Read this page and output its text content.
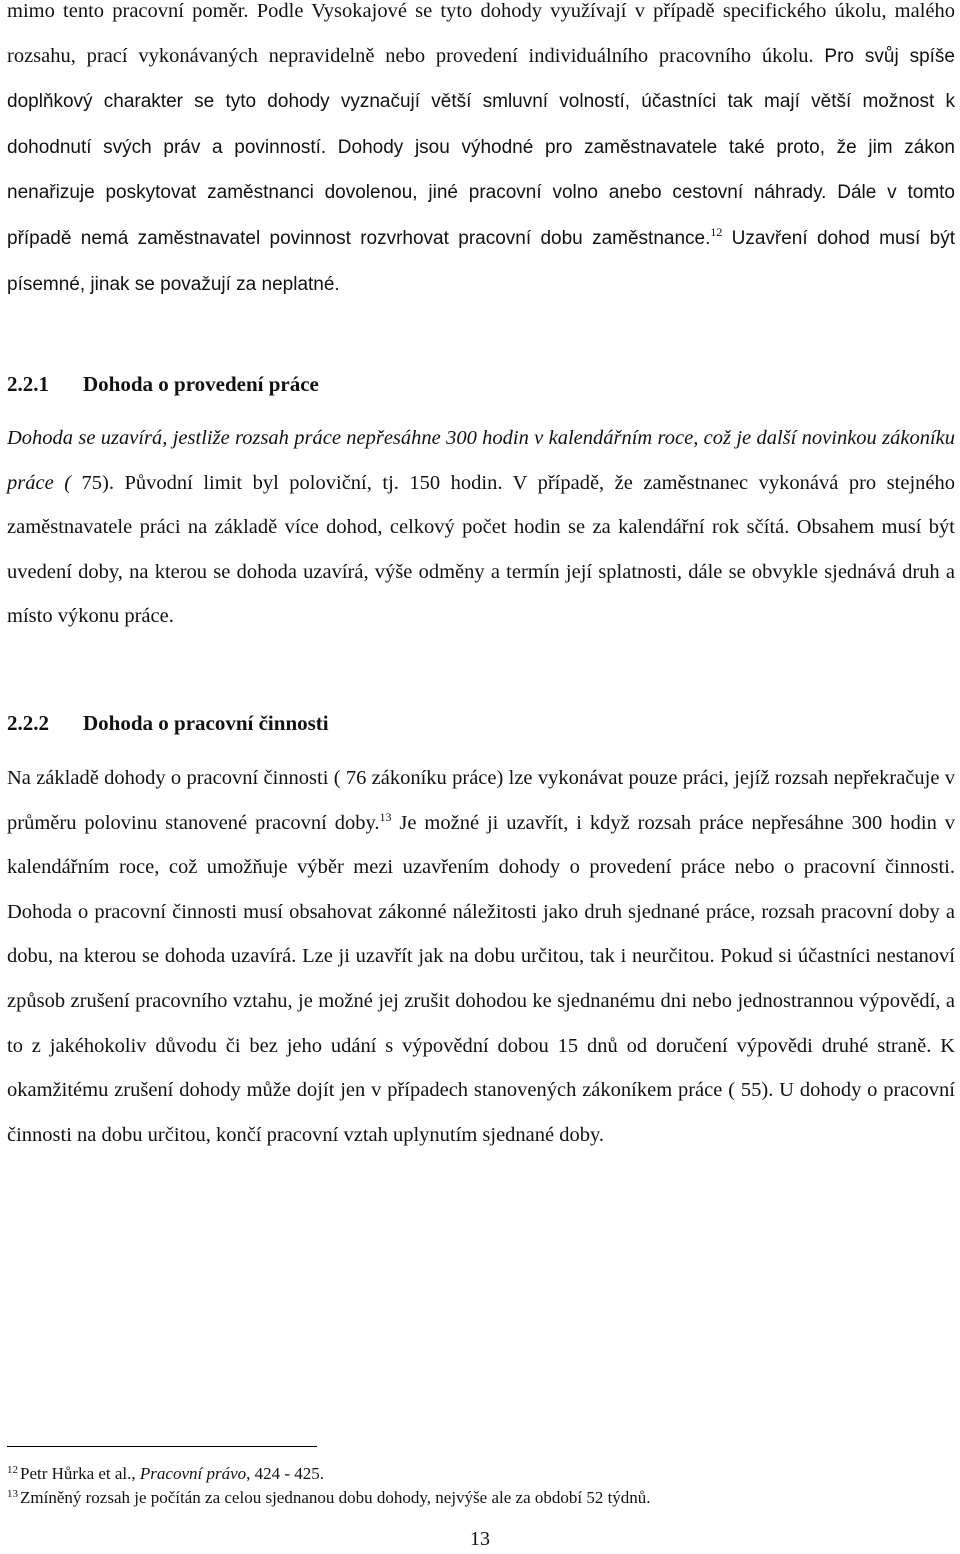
mimo tento pracovní poměr. Podle Vysokajové se tyto dohody využívají v případě specifického úkolu, malého rozsahu, prací vykonávaných nepravidelně nebo provedení individuálního pracovního úkolu. Pro svůj spíše doplňkový charakter se tyto dohody vyznačují větší smluvní volností, účastníci tak mají větší možnost k dohodnutí svých práv a povinností. Dohody jsou výhodné pro zaměstnavatele také proto, že jim zákon nenařizuje poskytovat zaměstnanci dovolenou, jiné pracovní volno anebo cestovní náhrady. Dále v tomto případě nemá zaměstnavatel povinnost rozvrhovat pracovní dobu zaměstnance.$^{12}$ Uzavření dohod musí být písemné, jinak se považují za neplatné.

2.2.1 Dohoda o provedení práce

Dohoda se uzavírá, jestliže rozsah práce nepřesáhne 300 hodin v kalendářním roce, což je další novinkou zákoníku práce ( 75). Původní limit byl poloviční, tj. 150 hodin. V případě, že zaměstnanec vykonává pro stejného zaměstnavatele práci na základě více dohod, celkový počet hodin se za kalendářní rok sčítá. Obsahem musí být uvedení doby, na kterou se dohoda uzavírá, výše odměny a termín její splatnosti, dále se obvykle sjednává druh a místo výkonu práce.

2.2.2 Dohoda o pracovní činnosti

Na základě dohody o pracovní činnosti ( 76 zákoníku práce) lze vykonávat pouze práci, jejíž rozsah nepřekračuje v průměru polovinu stanovené pracovní doby.$^{13}$ Je možné ji uzavřít, i když rozsah práce nepřesáhne 300 hodin v kalendářním roce, což umožňuje výběr mezi uzavřením dohody o provedení práce nebo o pracovní činnosti. Dohoda o pracovní činnosti musí obsahovat zákonné náležitosti jako druh sjednané práce, rozsah pracovní doby a dobu, na kterou se dohoda uzavírá. Lze ji uzavřít jak na dobu určitou, tak i neurčitou. Pokud si účastníci nestanoví způsob zrušení pracovního vztahu, je možné jej zrušit dohodou ke sjednanému dni nebo jednostrannou výpovědí, a to z jakéhokoliv důvodu či bez jeho udání s výpovědní dobou 15 dnů od doručení výpovědi druhé straně. K okamžitému zrušení dohody může dojít jen v případech stanovených zákoníkem práce ( 55). U dohody o pracovní činnosti na dobu určitou, končí pracovní vztah uplynutím sjednané doby.

$^{12}$ Petr Hůrka et al., Pracovní právo, 424 - 425.

$^{13}$ Zmíněný rozsah je počítán za celou sjednanou dobu dohody, nejvýše ale za období 52 týdnů.

13
